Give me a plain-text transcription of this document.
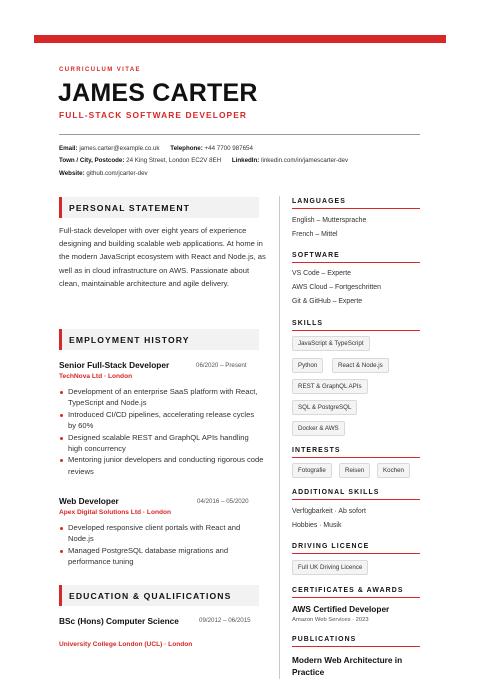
CURRICULUM VITAE
JAMES CARTER
FULL-STACK SOFTWARE DEVELOPER
Email: james.carter@example.co.uk Telephone: +44 7700 987654
Town / City, Postcode: 24 King Street, London EC2V 8EH LinkedIn: linkedin.com/in/jamescarter-dev
Website: github.com/jcarter-dev
PERSONAL STATEMENT

Full-stack developer with over eight years of experience designing and building scalable web applications. At home in the modern JavaScript ecosystem with React and Node.js, as well as in cloud infrastructure on AWS. Passionate about clean, maintainable architecture and agile delivery.

EMPLOYMENT HISTORY
Senior Full-Stack Developer	06/2020 – Present
TechNova Ltd · London
Development of an enterprise SaaS platform with React, TypeScript and Node.js
Introduced CI/CD pipelines, accelerating release cycles by 60%
Designed scalable REST and GraphQL APIs handling high concurrency
Mentoring junior developers and conducting rigorous code reviews
Web Developer	04/2016 – 05/2020
Apex Digital Solutions Ltd · London
Developed responsive client portals with React and Node.js
Managed PostgreSQL database migrations and performance tuning
EDUCATION & QUALIFICATIONS
BSc (Hons) Computer Science	09/2012 – 06/2015
University College London (UCL) · London
LANGUAGES
English – Muttersprache
French – Mittel
SOFTWARE
VS Code – Experte
AWS Cloud – Fortgeschritten
Git & GitHub – Experte
SKILLS
JavaScript & TypeScript
Python	React & Node.js
REST & GraphQL APIs
SQL & PostgreSQL
Docker & AWS
INTERESTS
Fotografie	Reisen	Kochen
ADDITIONAL SKILLS
Verfügbarkeit · Ab sofort
Hobbies · Musik
DRIVING LICENCE
Full UK Driving Licence
CERTIFICATES & AWARDS
AWS Certified Developer
Amazon Web Services · 2023
PUBLICATIONS
Modern Web Architecture in Practice
